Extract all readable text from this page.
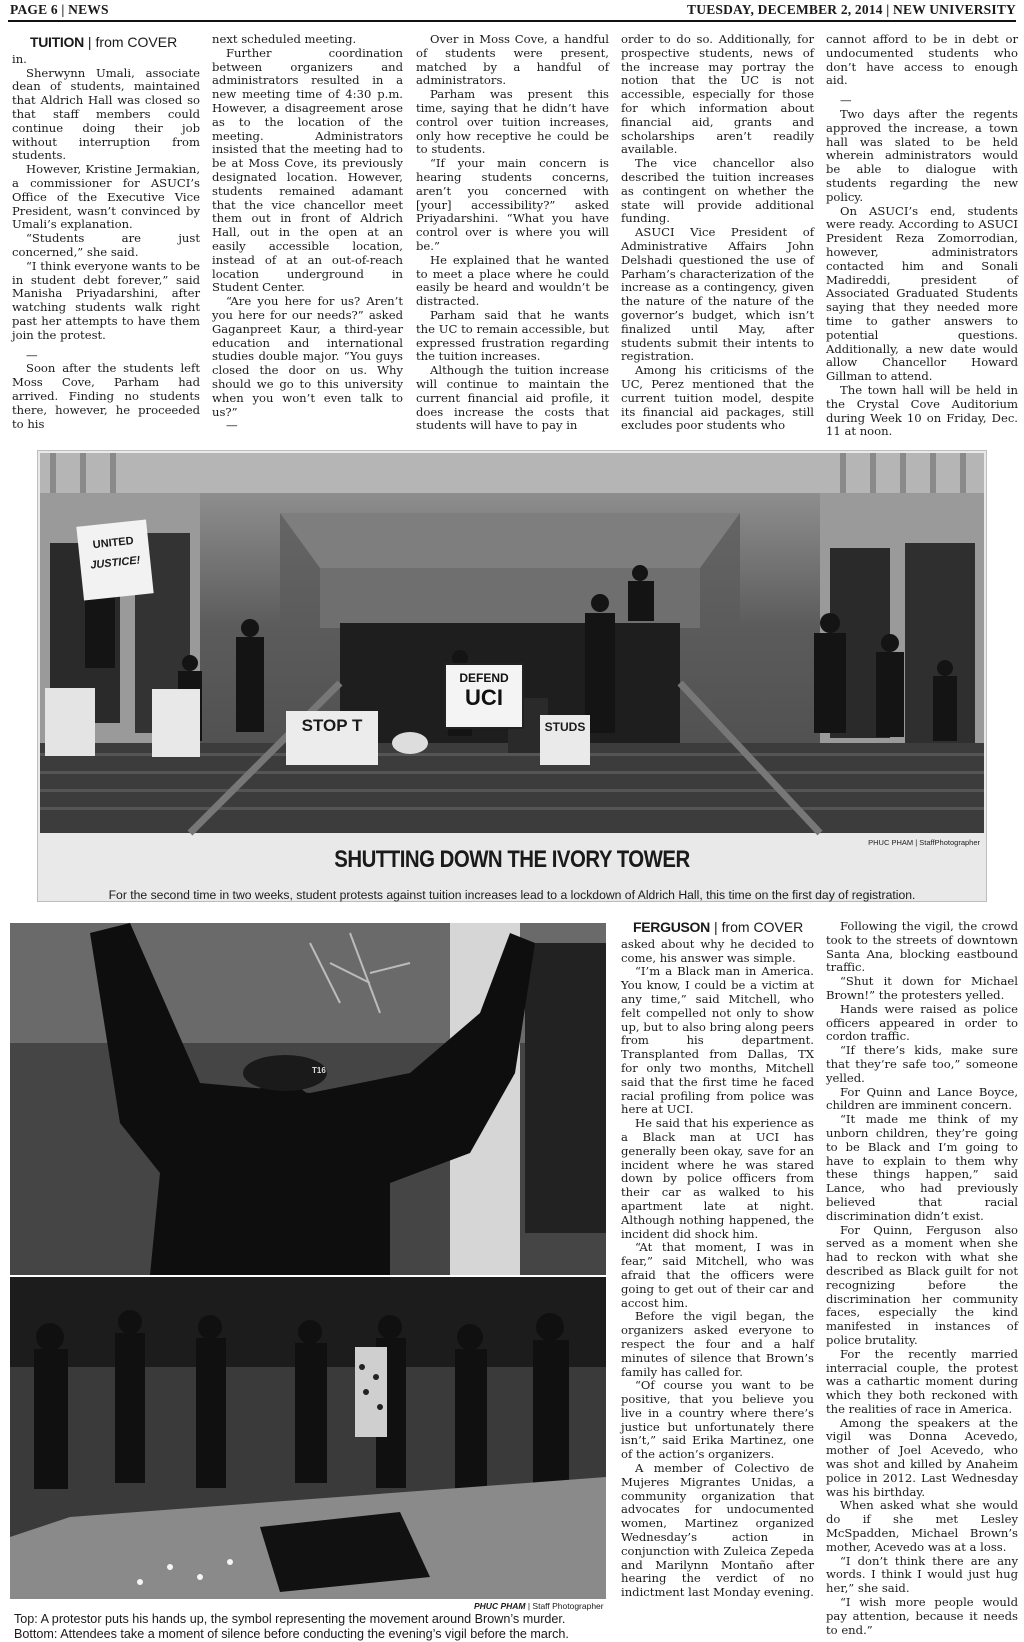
PAGE 6 | NEWS	TUESDAY, DECEMBER 2, 2014 | NEW UNIVERSITY
TUITION | from COVER

in.

Sherwynn Umali, associate dean of students, maintained that Aldrich Hall was closed so that staff members could continue doing their job without interruption from students.

However, Kristine Jermakian, a commissioner for ASUCI’s Office of the Executive Vice President, wasn’t convinced by Umali’s explanation.

“Students are just concerned,” she said.

“I think everyone wants to be in student debt forever,” said Manisha Priyadarshini, after watching students walk right past her attempts to have them join the protest.

—

Soon after the students left Moss Cove, Parham had arrived. Finding no students there, however, he proceeded to his

next scheduled meeting.

Further coordination between organizers and administrators resulted in a new meeting time of 4:30 p.m. However, a disagreement arose as to the location of the meeting. Administrators insisted that the meeting had to be at Moss Cove, its previously designated location. However, students remained adamant that the vice chancellor meet them out in front of Aldrich Hall, out in the open at an easily accessible location, instead of at an out-of-reach location underground in Student Center.

“Are you here for us? Aren’t you here for our needs?” asked Gaganpreet Kaur, a third-year education and international studies double major. “You guys closed the door on us. Why should we go to this university when you won’t even talk to us?”

—

Over in Moss Cove, a handful of students were present, matched by a handful of administrators.

Parham was present this time, saying that he didn’t have control over tuition increases, only how receptive he could be to students.

“If your main concern is hearing students concerns, aren’t you concerned with [your] accessibility?” asked Priyadarshini. “What you have control over is where you will be.”

He explained that he wanted to meet a place where he could easily be heard and wouldn’t be distracted.

Parham said that he wants the UC to remain accessible, but expressed frustration regarding the tuition increases.

Although the tuition increase will continue to maintain the current financial aid profile, it does increase the costs that students will have to pay in

order to do so. Additionally, for prospective students, news of the increase may portray the notion that the UC is not accessible, especially for those for which information about financial aid, grants and scholarships aren’t readily available.

The vice chancellor also described the tuition increases as contingent on whether the state will provide additional funding.

ASUCI Vice President of Administrative Affairs John Delshadi questioned the use of Parham’s characterization of the increase as a contingency, given the nature of the nature of the governor’s budget, which isn’t finalized until May, after students submit their intents to registration.

Among his criticisms of the UC, Perez mentioned that the current tuition model, despite its financial aid packages, still excludes poor students who

cannot afford to be in debt or undocumented students who don’t have access to enough aid.

—

Two days after the regents approved the increase, a town hall was slated to be held wherein administrators would be able to dialogue with students regarding the new policy.

On ASUCI’s end, students were ready. According to ASUCI President Reza Zomorrodian, however, administrators contacted him and Sonali Madireddi, president of Associated Graduated Students saying that they needed more time to gather answers to potential questions. Additionally, a new date would allow Chancellor Howard Gillman to attend.

The town hall will be held in the Crystal Cove Auditorium during Week 10 on Friday, Dec. 11 at noon.

UNITED
JUSTICE!
DEFEND
UCI
STOP T	STUDS
PHUC PHAM | StaffPhotographer
SHUTTING DOWN THE IVORY TOWER
For the second time in two weeks, student protests against tuition increases lead to a lockdown of Aldrich Hall, this time on the first day of registration.
T16
PHUC PHAM | Staff Photographer
Top: A protestor puts his hands up, the symbol representing the movement around Brown’s murder.
Bottom: Attendees take a moment of silence before conducting the evening’s vigil before the march.
FERGUSON | from COVER

asked about why he decided to come, his answer was simple.

“I’m a Black man in America. You know, I could be a victim at any time,” said Mitchell, who felt compelled not only to show up, but to also bring along peers from his department. Transplanted from Dallas, TX for only two months, Mitchell said that the first time he faced racial profiling from police was here at UCI.

He said that his experience as a Black man at UCI has generally been okay, save for an incident where he was stared down by police officers from their car as walked to his apartment late at night. Although nothing happened, the incident did shock him.

“At that moment, I was in fear,” said Mitchell, who was afraid that the officers were going to get out of their car and accost him.

Before the vigil began, the organizers asked everyone to respect the four and a half minutes of silence that Brown’s family has called for.

“Of course you want to be positive, that you believe you live in a country where there’s justice but unfortunately there isn’t,” said Erika Martinez, one of the action’s organizers.

A member of Colectivo de Mujeres Migrantes Unidas, a community organization that advocates for undocumented women, Martinez organized Wednesday’s action in conjunction with Zuleica Zepeda and Marilynn Montaño after hearing the verdict of no indictment last Monday evening.

Following the vigil, the crowd took to the streets of downtown Santa Ana, blocking eastbound traffic.

“Shut it down for Michael Brown!” the protesters yelled.

Hands were raised as police officers appeared in order to cordon traffic.

“If there’s kids, make sure that they’re safe too,” someone yelled.

For Quinn and Lance Boyce, children are imminent concern.

“It made me think of my unborn children, they’re going to be Black and I’m going to have to explain to them why these things happen,” said Lance, who had previously believed that racial discrimination didn’t exist.

For Quinn, Ferguson also served as a moment when she had to reckon with what she described as Black guilt for not recognizing before the discrimination her community faces, especially the kind manifested in instances of police brutality.

For the recently married interracial couple, the protest was a cathartic moment during which they both reckoned with the realities of race in America.

Among the speakers at the vigil was Donna Acevedo, mother of Joel Acevedo, who was shot and killed by Anaheim police in 2012. Last Wednesday was his birthday.

When asked what she would do if she met Lesley McSpadden, Michael Brown’s mother, Acevedo was at a loss.

“I don’t think there are any words. I think I would just hug her,” she said.

“I wish more people would pay attention, because it needs to end.”
